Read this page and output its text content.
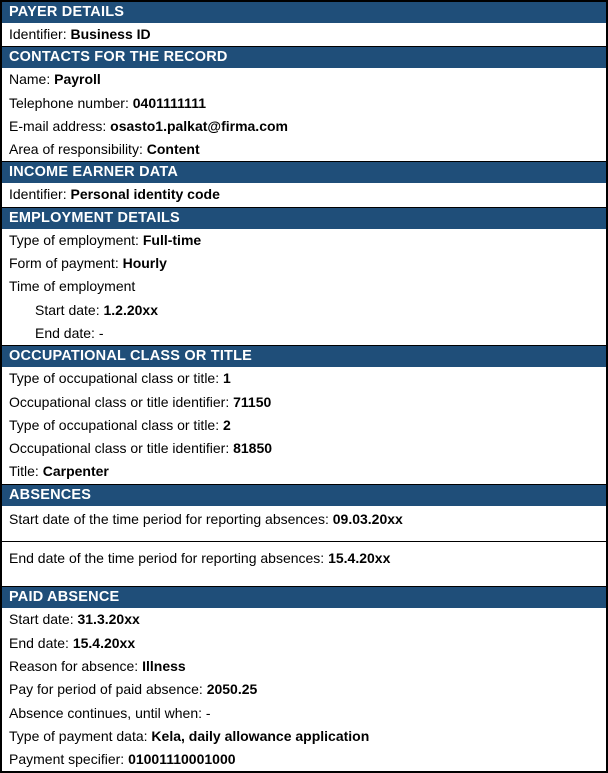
PAYER DETAILS
Identifier: Business ID
CONTACTS FOR THE RECORD
Name: Payroll
Telephone number: 0401111111
E-mail address: osasto1.palkat@firma.com
Area of responsibility: Content
INCOME EARNER DATA
Identifier: Personal identity code
EMPLOYMENT DETAILS
Type of employment: Full-time
Form of payment: Hourly
Time of employment
Start date: 1.2.20xx
End date: -
OCCUPATIONAL CLASS OR TITLE
Type of occupational class or title: 1
Occupational class or title identifier: 71150
Type of occupational class or title: 2
Occupational class or title identifier: 81850
Title: Carpenter
ABSENCES
Start date of the time period for reporting absences: 09.03.20xx
End date of the time period for reporting absences: 15.4.20xx
PAID ABSENCE
Start date: 31.3.20xx
End date: 15.4.20xx
Reason for absence: Illness
Pay for period of paid absence: 2050.25
Absence continues, until when: -
Type of payment data: Kela, daily allowance application
Payment specifier: 01001110001000
